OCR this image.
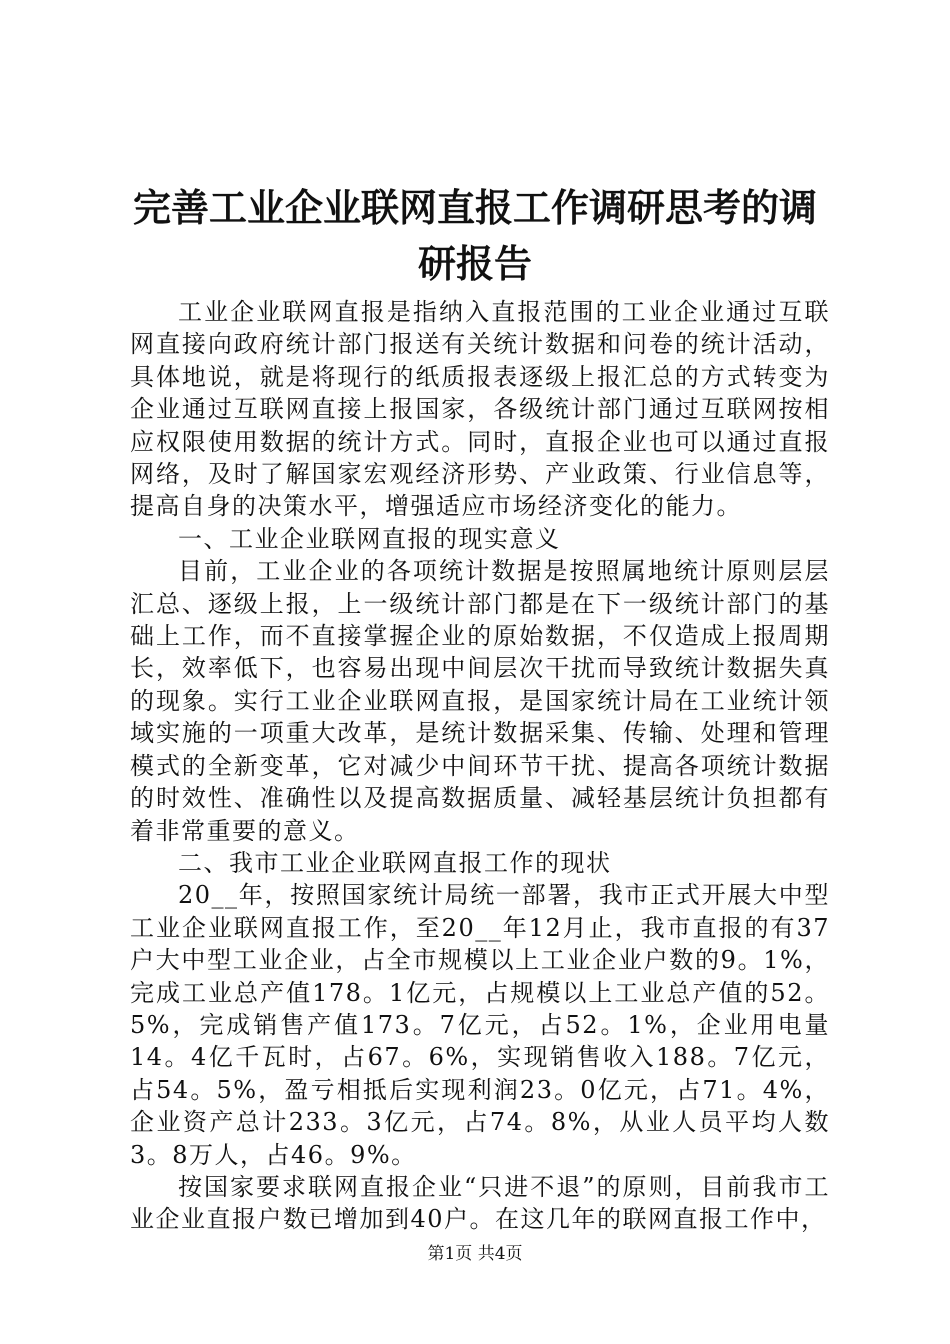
完善工业企业联网直报工作调研思考的调研报告

工业企业联网直报是指纳入直报范围的工业企业通过互联网直接向政府统计部门报送有关统计数据和问卷的统计活动，具体地说，就是将现行的纸质报表逐级上报汇总的方式转变为企业通过互联网直接上报国家，各级统计部门通过互联网按相应权限使用数据的统计方式。同时，直报企业也可以通过直报网络，及时了解国家宏观经济形势、产业政策、行业信息等，提高自身的决策水平，增强适应市场经济变化的能力。

一、工业企业联网直报的现实意义

目前，工业企业的各项统计数据是按照属地统计原则层层汇总、逐级上报，上一级统计部门都是在下一级统计部门的基础上工作，而不直接掌握企业的原始数据，不仅造成上报周期长，效率低下，也容易出现中间层次干扰而导致统计数据失真的现象。实行工业企业联网直报，是国家统计局在工业统计领域实施的一项重大改革，是统计数据采集、传输、处理和管理模式的全新变革，它对减少中间环节干扰、提高各项统计数据的时效性、准确性以及提高数据质量、减轻基层统计负担都有着非常重要的意义。

二、我市工业企业联网直报工作的现状

20__年，按照国家统计局统一部署，我市正式开展大中型工业企业联网直报工作，至20__年12月止，我市直报的有37户大中型工业企业，占全市规模以上工业企业户数的9。1%，完成工业总产值178。1亿元，占规模以上工业总产值的52。5%，完成销售产值173。7亿元，占52。1%，企业用电量14。4亿千瓦时，占67。6%，实现销售收入188。7亿元，占54。5%，盈亏相抵后实现利润23。0亿元，占71。4%，企业资产总计233。3亿元，占74。8%，从业人员平均人数3。8万人，占46。9%。

按国家要求联网直报企业“只进不退”的原则，目前我市工业企业直报户数已增加到40户。在这几年的联网直报工作中，

第1页 共4页
